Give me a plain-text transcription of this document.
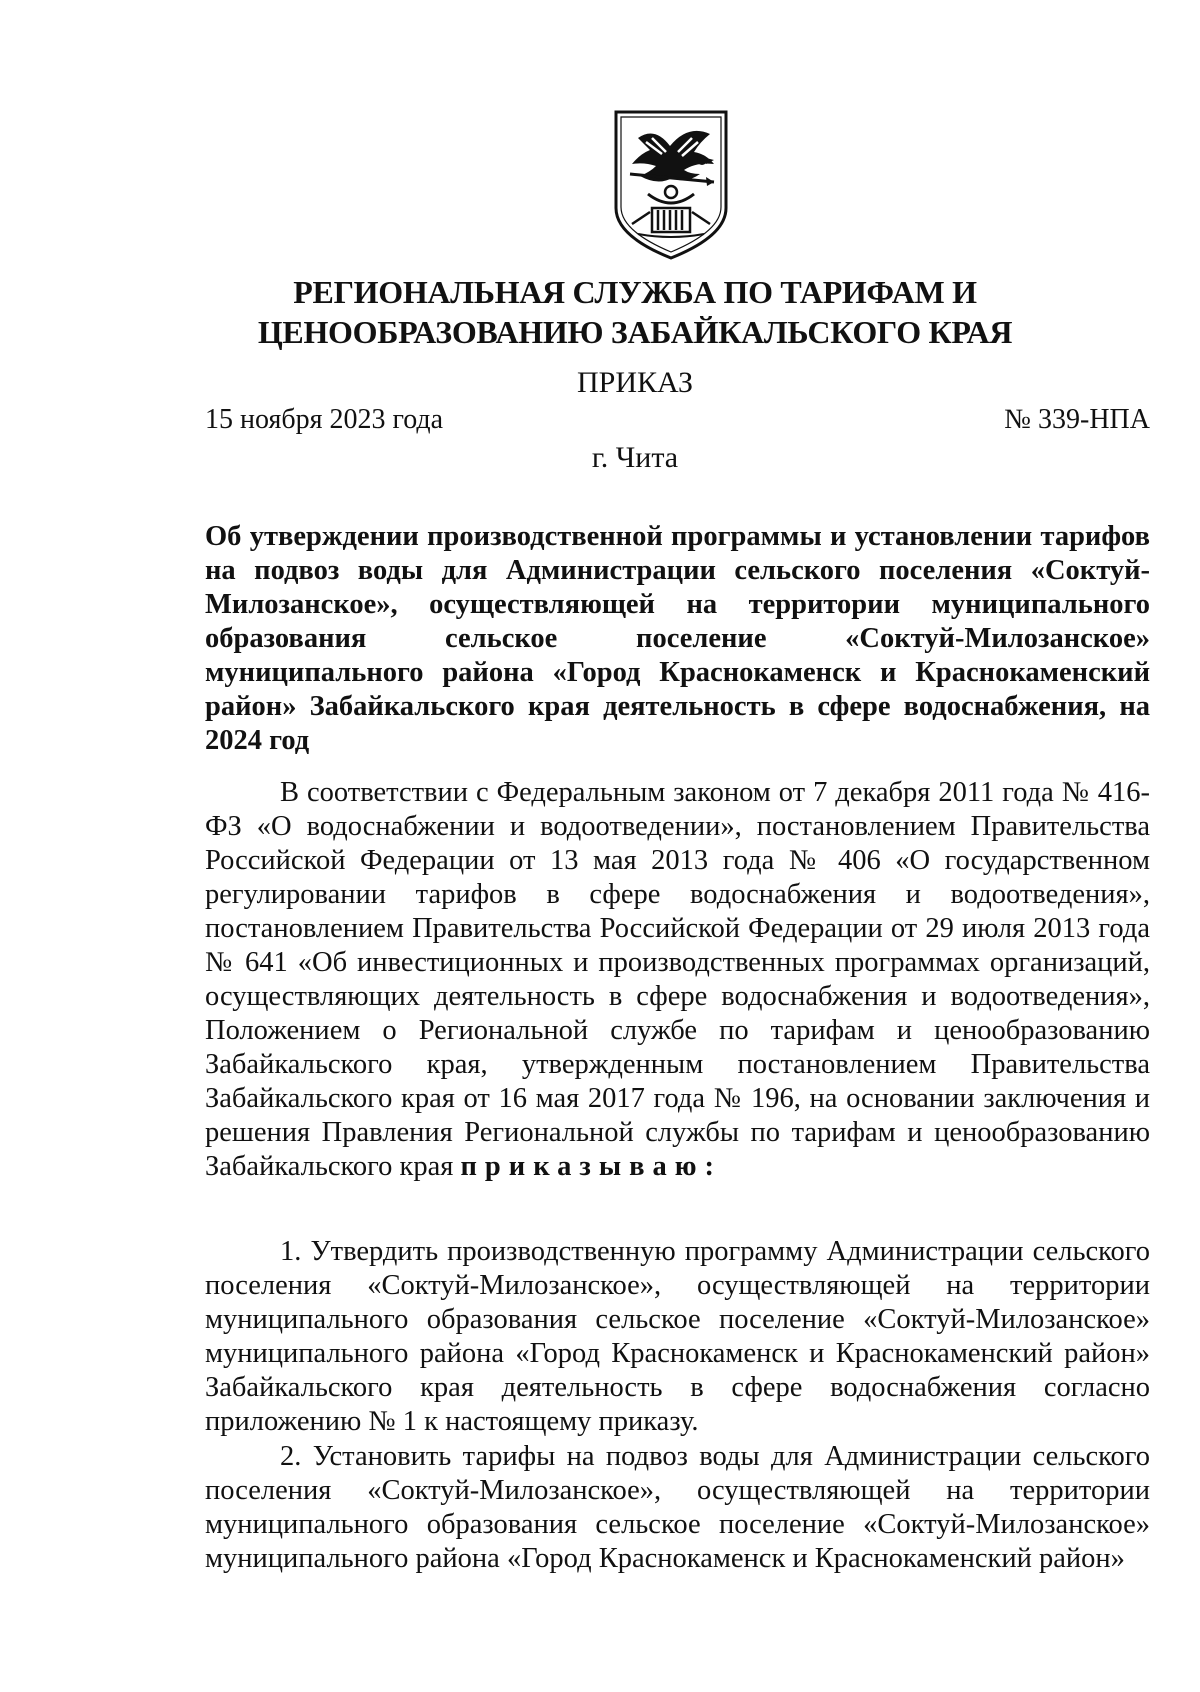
РЕГИОНАЛЬНАЯ СЛУЖБА ПО ТАРИФАМ И ЦЕНООБРАЗОВАНИЮ ЗАБАЙКАЛЬСКОГО КРАЯ
ПРИКАЗ
15 ноября 2023 года	№ 339-НПА
г. Чита
Об утверждении производственной программы и установлении тарифов на подвоз воды для Администрации сельского поселения «Соктуй-Милозанское», осуществляющей на территории муниципального образования сельское поселение «Соктуй-Милозанское» муниципального района «Город Краснокаменск и Краснокаменский район» Забайкальского края деятельность в сфере водоснабжения, на 2024 год
В соответствии с Федеральным законом от 7 декабря 2011 года № 416-ФЗ «О водоснабжении и водоотведении», постановлением Правительства Российской Федерации от 13 мая 2013 года № 406 «О государственном регулировании тарифов в сфере водоснабжения и водоотведения», постановлением Правительства Российской Федерации от 29 июля 2013 года № 641 «Об инвестиционных и производственных программах организаций, осуществляющих деятельность в сфере водоснабжения и водоотведения», Положением о Региональной службе по тарифам и ценообразованию Забайкальского края, утвержденным постановлением Правительства Забайкальского края от 16 мая 2017 года № 196, на основании заключения и решения Правления Региональной службы по тарифам и ценообразованию Забайкальского края приказываю:
1. Утвердить производственную программу Администрации сельского поселения «Соктуй-Милозанское», осуществляющей на территории муниципального образования сельское поселение «Соктуй-Милозанское» муниципального района «Город Краснокаменск и Краснокаменский район» Забайкальского края деятельность в сфере водоснабжения согласно приложению № 1 к настоящему приказу.
2. Установить тарифы на подвоз воды для Администрации сельского поселения «Соктуй-Милозанское», осуществляющей на территории муниципального образования сельское поселение «Соктуй-Милозанское» муниципального района «Город Краснокаменск и Краснокаменский район»
